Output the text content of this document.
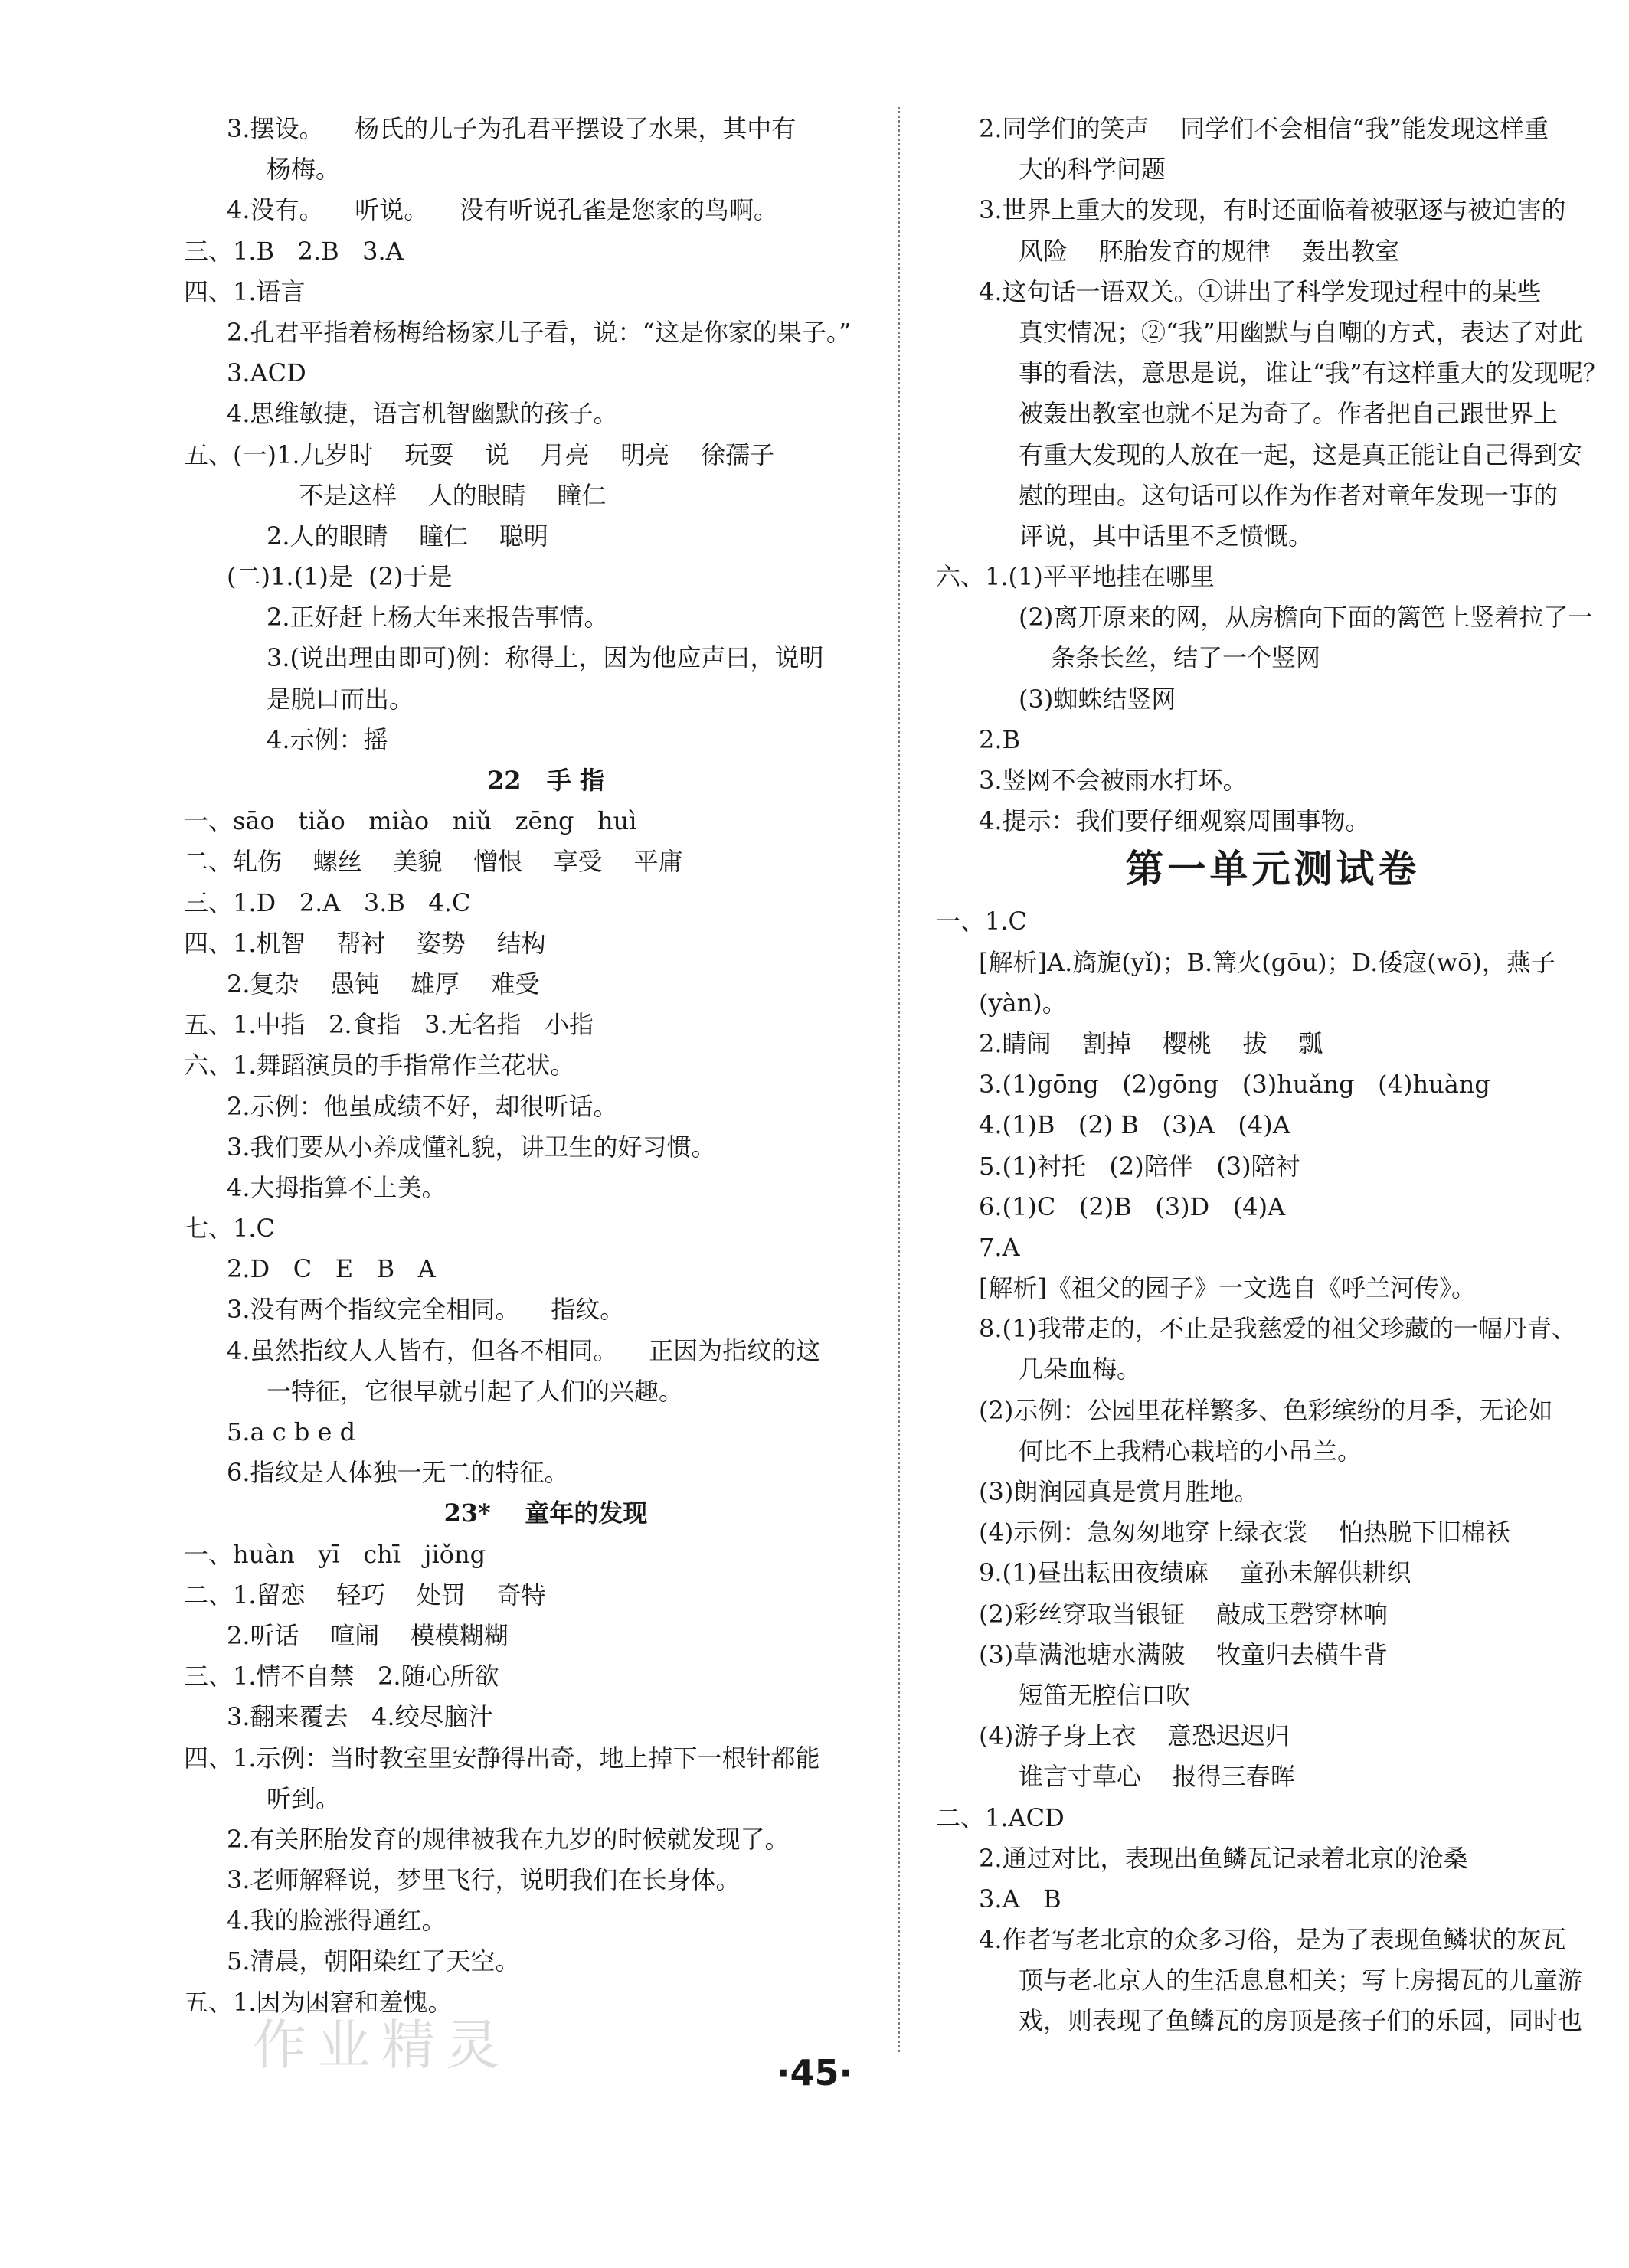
3.摆设。    杨氏的儿子为孔君平摆设了水果，其中有
杨梅。
4.没有。    听说。    没有听说孔雀是您家的鸟啊。
三、1.B   2.B   3.A
四、1.语言
2.孔君平指着杨梅给杨家儿子看，说：“这是你家的果子。”
3.ACD
4.思维敏捷，语言机智幽默的孩子。
五、(一)1.九岁时    玩耍    说    月亮    明亮    徐孺子
不是这样    人的眼睛    瞳仁
2.人的眼睛    瞳仁    聪明
(二)1.(1)是  (2)于是
2.正好赶上杨大年来报告事情。
3.(说出理由即可)例：称得上，因为他应声曰，说明
是脱口而出。
4.示例：摇
22   手 指
一、sāo   tiǎo   miào   niǔ   zēng   huì
二、轧伤    螺丝    美貌    憎恨    享受    平庸
三、1.D   2.A   3.B   4.C
四、1.机智    帮衬    姿势    结构
2.复杂    愚钝    雄厚    难受
五、1.中指   2.食指   3.无名指   小指
六、1.舞蹈演员的手指常作兰花状。
2.示例：他虽成绩不好，却很听话。
3.我们要从小养成懂礼貌，讲卫生的好习惯。
4.大拇指算不上美。
七、1.C
2.D   C   E   B   A
3.没有两个指纹完全相同。    指纹。
4.虽然指纹人人皆有，但各不相同。    正因为指纹的这
一特征，它很早就引起了人们的兴趣。
5.a c b e d
6.指纹是人体独一无二的特征。
23*    童年的发现
一、huàn   yī   chī   jiǒng
二、1.留恋    轻巧    处罚    奇特
2.听话    喧闹    模模糊糊
三、1.情不自禁   2.随心所欲
3.翻来覆去   4.绞尽脑汁
四、1.示例：当时教室里安静得出奇，地上掉下一根针都能
听到。
2.有关胚胎发育的规律被我在九岁的时候就发现了。
3.老师解释说，梦里飞行，说明我们在长身体。
4.我的脸涨得通红。
5.清晨，朝阳染红了天空。
五、1.因为困窘和羞愧。
2.同学们的笑声    同学们不会相信“我”能发现这样重
大的科学问题
3.世界上重大的发现，有时还面临着被驱逐与被迫害的
风险    胚胎发育的规律    轰出教室
4.这句话一语双关。①讲出了科学发现过程中的某些
真实情况；②“我”用幽默与自嘲的方式，表达了对此
事的看法，意思是说，谁让“我”有这样重大的发现呢？
被轰出教室也就不足为奇了。作者把自己跟世界上
有重大发现的人放在一起，这是真正能让自己得到安
慰的理由。这句话可以作为作者对童年发现一事的
评说，其中话里不乏愤慨。
六、1.(1)平平地挂在哪里
(2)离开原来的网，从房檐向下面的篱笆上竖着拉了一
条条长丝，结了一个竖网
(3)蜘蛛结竖网
2.B
3.竖网不会被雨水打坏。
4.提示：我们要仔细观察周围事物。
第一单元测试卷
一、1.C
[解析]A.旖旎(yǐ)；B.篝火(gōu)；D.倭寇(wō)，燕子
(yàn)。
2.睛闹    割掉    樱桃    拔    瓢
3.(1)gōng   (2)gōng   (3)huǎng   (4)huàng
4.(1)B   (2) B   (3)A   (4)A
5.(1)衬托   (2)陪伴   (3)陪衬
6.(1)C   (2)B   (3)D   (4)A
7.A
[解析]《祖父的园子》一文选自《呼兰河传》。
8.(1)我带走的，不止是我慈爱的祖父珍藏的一幅丹青、
几朵血梅。
(2)示例：公园里花样繁多、色彩缤纷的月季，无论如
何比不上我精心栽培的小吊兰。
(3)朗润园真是赏月胜地。
(4)示例：急匆匆地穿上绿衣裳    怕热脱下旧棉袄
9.(1)昼出耘田夜绩麻    童孙未解供耕织
(2)彩丝穿取当银钲    敲成玉磬穿林响
(3)草满池塘水满陂    牧童归去横牛背
短笛无腔信口吹
(4)游子身上衣    意恐迟迟归
谁言寸草心    报得三春晖
二、1.ACD
2.通过对比，表现出鱼鳞瓦记录着北京的沧桑
3.A   B
4.作者写老北京的众多习俗，是为了表现鱼鳞状的灰瓦
顶与老北京人的生活息息相关；写上房揭瓦的儿童游
戏，则表现了鱼鳞瓦的房顶是孩子们的乐园，同时也
作业精灵	·45·
